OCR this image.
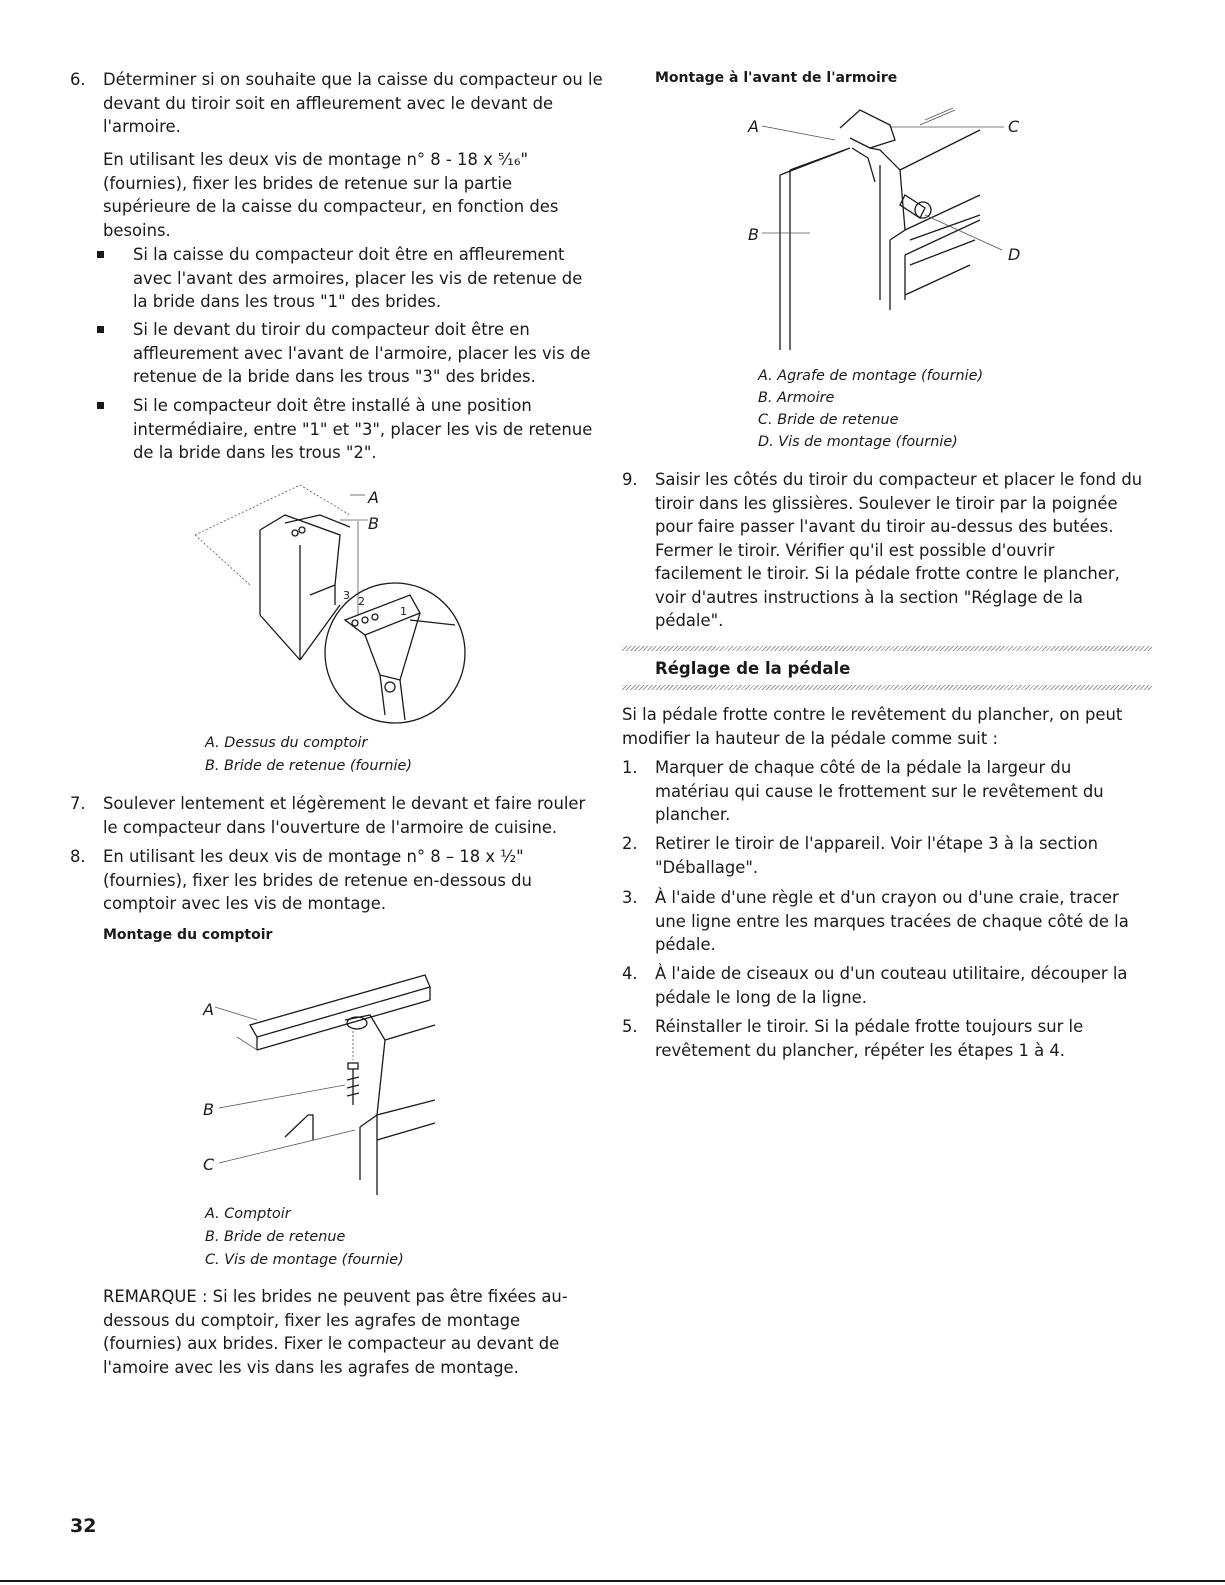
6. Déterminer si on souhaite que la caisse du compacteur ou le devant du tiroir soit en affleurement avec le devant de l'armoire.
En utilisant les deux vis de montage n° 8 - 18 x ⁵⁄₁₆" (fournies), fixer les brides de retenue sur la partie supérieure de la caisse du compacteur, en fonction des besoins.
Si la caisse du compacteur doit être en affleurement avec l'avant des armoires, placer les vis de retenue de la bride dans les trous "1" des brides.
Si le devant du tiroir du compacteur doit être en affleurement avec l'avant de l'armoire, placer les vis de retenue de la bride dans les trous "3" des brides.
Si le compacteur doit être installé à une position intermédiaire, entre "1" et "3", placer les vis de retenue de la bride dans les trous "2".
A
B
3 2
1
A. Dessus du comptoir
B. Bride de retenue (fournie)
7. Soulever lentement et légèrement le devant et faire rouler le compacteur dans l'ouverture de l'armoire de cuisine.
8. En utilisant les deux vis de montage n° 8 – 18 x ½" (fournies), fixer les brides de retenue en-dessous du comptoir avec les vis de montage.
Montage du comptoir
A
B
C
A. Comptoir
B. Bride de retenue
C. Vis de montage (fournie)
REMARQUE : Si les brides ne peuvent pas être fixées au-dessous du comptoir, fixer les agrafes de montage (fournies) aux brides. Fixer le compacteur au devant de l'amoire avec les vis dans les agrafes de montage.
Montage à l'avant de l'armoire
A	C
D
B
A. Agrafe de montage (fournie)
B. Armoire
C. Bride de retenue
D. Vis de montage (fournie)
9. Saisir les côtés du tiroir du compacteur et placer le fond du tiroir dans les glissières. Soulever le tiroir par la poignée pour faire passer l'avant du tiroir au-dessus des butées. Fermer le tiroir. Vérifier qu'il est possible d'ouvrir facilement le tiroir. Si la pédale frotte contre le plancher, voir d'autres instructions à la section "Réglage de la pédale".
Réglage de la pédale
Si la pédale frotte contre le revêtement du plancher, on peut modifier la hauteur de la pédale comme suit :
1. Marquer de chaque côté de la pédale la largeur du matériau qui cause le frottement sur le revêtement du plancher.
2. Retirer le tiroir de l'appareil. Voir l'étape 3 à la section "Déballage".
3. À l'aide d'une règle et d'un crayon ou d'une craie, tracer une ligne entre les marques tracées de chaque côté de la pédale.
4. À l'aide de ciseaux ou d'un couteau utilitaire, découper la pédale le long de la ligne.
5. Réinstaller le tiroir. Si la pédale frotte toujours sur le revêtement du plancher, répéter les étapes 1 à 4.
32
